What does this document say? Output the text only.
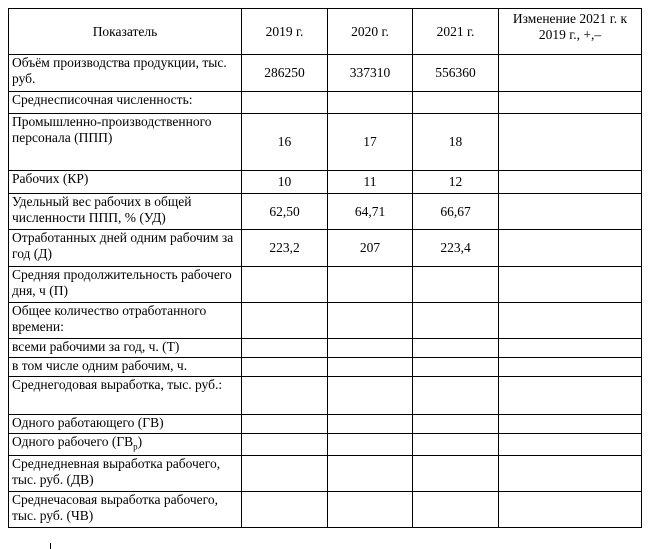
Показатель	2019 г.	2020 г.	2021 г.	Изменение 2021 г. к 2019 г., +,–
Объём производства продукции, тыс. руб.	286250	337310	556360	
Среднесписочная численность:				
Промышленно-производственного персонала (ППП)	16	17	18	
Рабочих (КР)	10	11	12	
Удельный вес рабочих в общей численности ППП, % (УД)	62,50	64,71	66,67	
Отработанных дней одним рабочим за год (Д)	223,2	207	223,4	
Средняя продолжительность рабочего дня, ч (П)				
Общее количество отработанного времени:				
всеми рабочими за год, ч. (Т)				
в том числе одним рабочим, ч.				
Среднегодовая выработка, тыс. руб.:				
Одного работающего (ГВ)				
Одного рабочего $(ГВ_р)$				
Среднедневная выработка рабочего, тыс. руб. (ДВ)				
Среднечасовая выработка рабочего, тыс. руб. (ЧВ)				
